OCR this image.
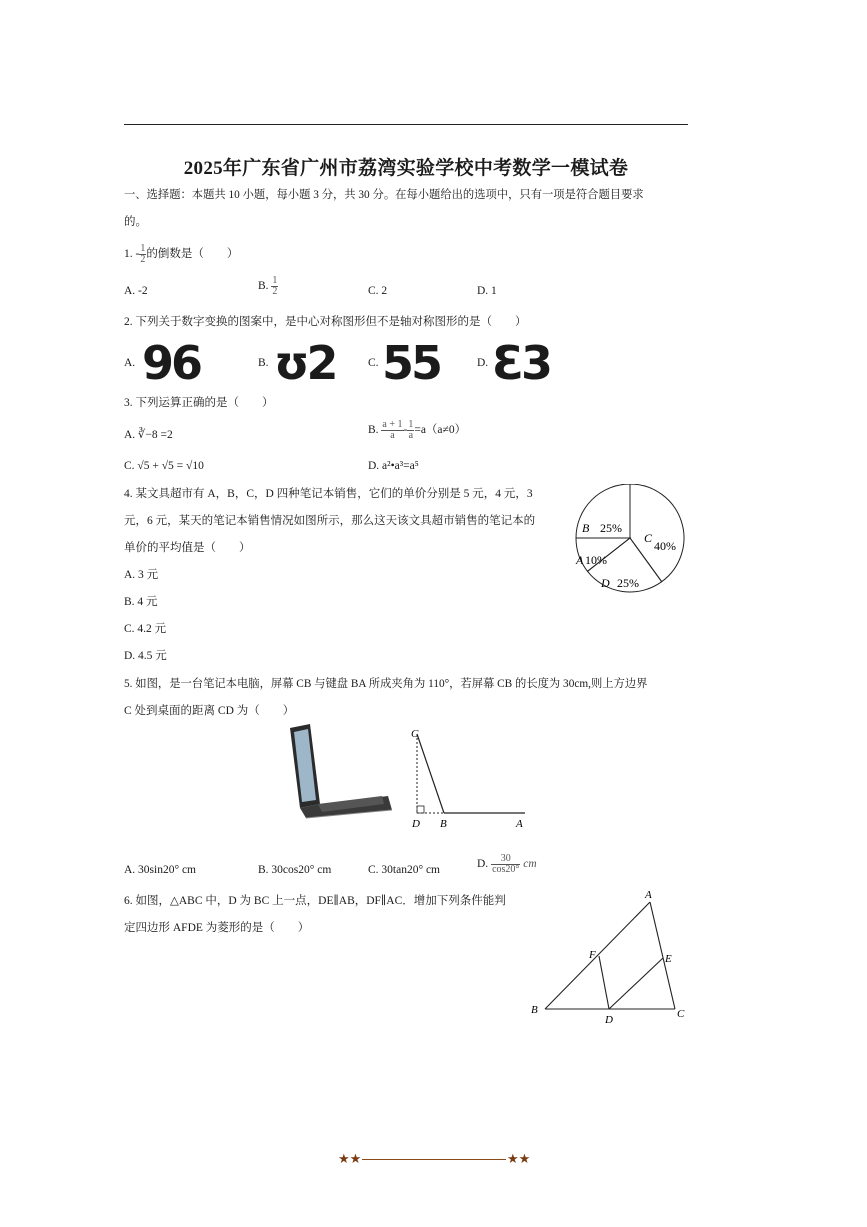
2025年广东省广州市荔湾实验学校中考数学一模试卷
一、选择题：本题共 10 小题，每小题 3 分，共 30 分。在每小题给出的选项中，只有一项是符合题目要求
的。
1. - $\frac{1}{2}$ 的倒数是（　　）
A. -2	B. $\frac{1}{2}$	C. 2	D. 1
2. 下列关于数字变换的图案中，是中心对称图形但不是轴对称图形的是（　　）
A. 96	B. ʊ2	C. 55	D. Ɛ3
3. 下列运算正确的是（　　）
A. ∛−8 =2	B. $\frac{a + 1}{a} - \frac{1}{a} =a(a\ne 0)$
C. √5 + √5 = √10	D. a²•a³=a⁵
4. 某文具超市有 A，B，C，D 四种笔记本销售，它们的单价分别是 5 元，4 元，3
元，6 元，某天的笔记本销售情况如图所示，那么这天该文具超市销售的笔记本的
单价的平均值是（　　）
A. 3 元
B. 4 元
C. 4.2 元
D. 4.5 元
B 25%
C
40%
A 10%
D 25%
5. 如图，是一台笔记本电脑，屏幕 CB 与键盘 BA 所成夹角为 110°，若屏幕 CB 的长度为 30cm,则上方边界
C 处到桌面的距离 CD 为（　　）
C
D B	A
A. 30sin20° cm	B. 30cos20° cm	C. 30tan20° cm	D. $\frac{30}{\cos 20^\circ}$ cm
6. 如图，△ABC 中，D 为 BC 上一点，DE∥AB，DF∥AC．增加下列条件能判
定四边形 AFDE 为菱形的是（　　）
A
B	C
D
E
F
★★	★★
